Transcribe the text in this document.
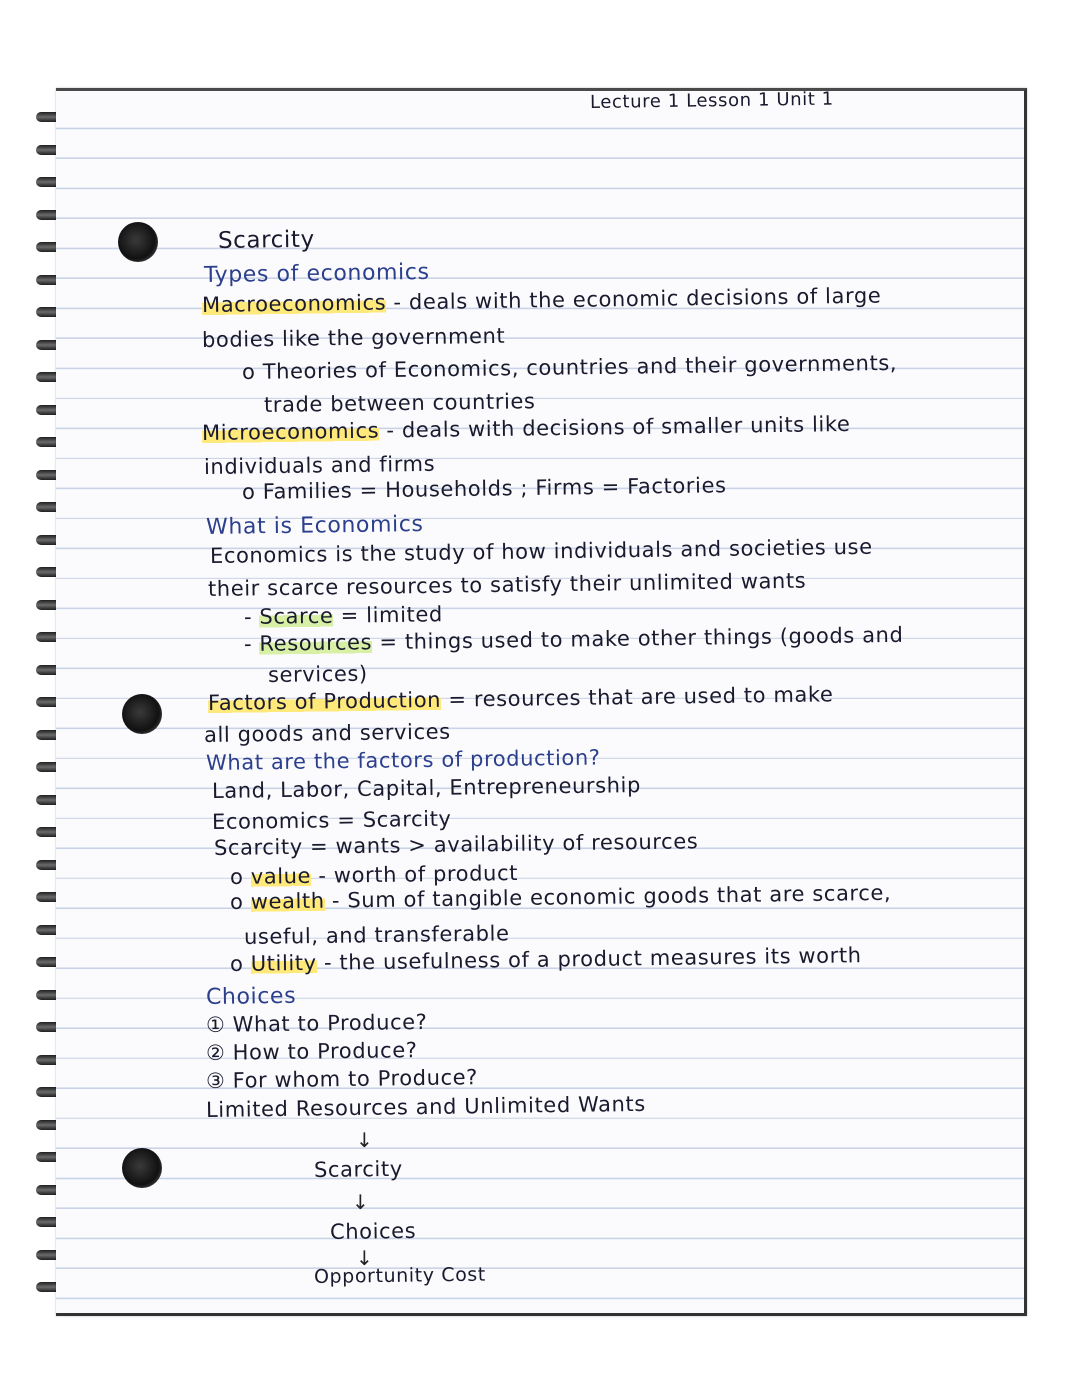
Lecture 1 Lesson 1 Unit 1
Scarcity
Types of economics
Macroeconomics - deals with the economic decisions of large
bodies like the government
o Theories of Economics, countries and their governments,
trade between countries
Microeconomics - deals with decisions of smaller units like
individuals and firms
o Families = Households ; Firms = Factories
What is Economics
Economics is the study of how individuals and societies use
their scarce resources to satisfy their unlimited wants
- Scarce = limited
- Resources = things used to make other things (goods and
services)
Factors of Production = resources that are used to make
all goods and services
What are the factors of production?
Land, Labor, Capital, Entrepreneurship
Economics = Scarcity
Scarcity = wants > availability of resources
o value - worth of product
o wealth - Sum of tangible economic goods that are scarce,
useful, and transferable
o Utility - the usefulness of a product measures its worth
Choices
① What to Produce?
② How to Produce?
③ For whom to Produce?
Limited Resources and Unlimited Wants
↓
Scarcity
↓
Choices
↓
Opportunity Cost
